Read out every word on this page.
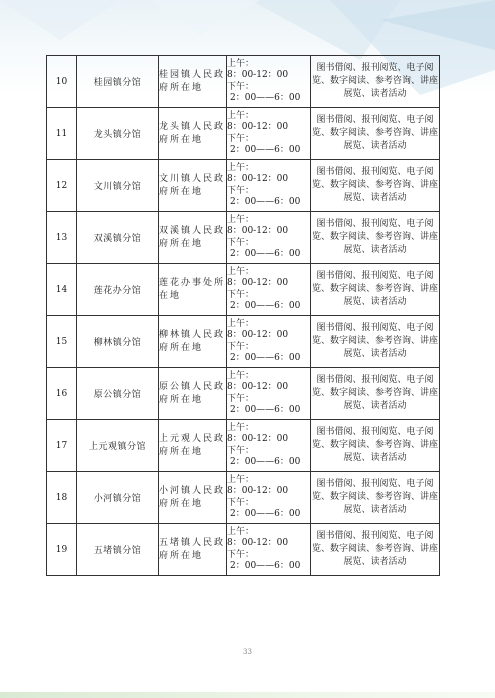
10	桂园镇分馆	桂园镇人民政府所在地	上午：
8：00-12：00
下午：
2：00——6：00	图书借阅、报刊阅览、电子阅览、数字阅读、参考咨询、讲座展览、读者活动
11	龙头镇分馆	龙头镇人民政府所在地	上午：
8：00-12：00
下午：
2：00——6：00	图书借阅、报刊阅览、电子阅览、数字阅读、参考咨询、讲座展览、读者活动
12	文川镇分馆	文川镇人民政府所在地	上午：
8：00-12：00
下午：
2：00——6：00	图书借阅、报刊阅览、电子阅览、数字阅读、参考咨询、讲座展览、读者活动
13	双溪镇分馆	双溪镇人民政府所在地	上午：
8：00-12：00
下午：
2：00——6：00	图书借阅、报刊阅览、电子阅览、数字阅读、参考咨询、讲座展览、读者活动
14	莲花办分馆	莲花办事处所在地	上午：
8：00-12：00
下午：
2：00——6：00	图书借阅、报刊阅览、电子阅览、数字阅读、参考咨询、讲座展览、读者活动
15	柳林镇分馆	柳林镇人民政府所在地	上午：
8：00-12：00
下午：
2：00——6：00	图书借阅、报刊阅览、电子阅览、数字阅读、参考咨询、讲座展览、读者活动
16	原公镇分馆	原公镇人民政府所在地	上午：
8：00-12：00
下午：
2：00——6：00	图书借阅、报刊阅览、电子阅览、数字阅读、参考咨询、讲座展览、读者活动
17	上元观镇分馆	上元观人民政府所在地	上午：
8：00-12：00
下午：
2：00——6：00	图书借阅、报刊阅览、电子阅览、数字阅读、参考咨询、讲座展览、读者活动
18	小河镇分馆	小河镇人民政府所在地	上午：
8：00-12：00
下午：
2：00——6：00	图书借阅、报刊阅览、电子阅览、数字阅读、参考咨询、讲座展览、读者活动
19	五堵镇分馆	五堵镇人民政府所在地	上午：
8：00-12：00
下午：
2：00——6：00	图书借阅、报刊阅览、电子阅览、数字阅读、参考咨询、讲座展览、读者活动
33
